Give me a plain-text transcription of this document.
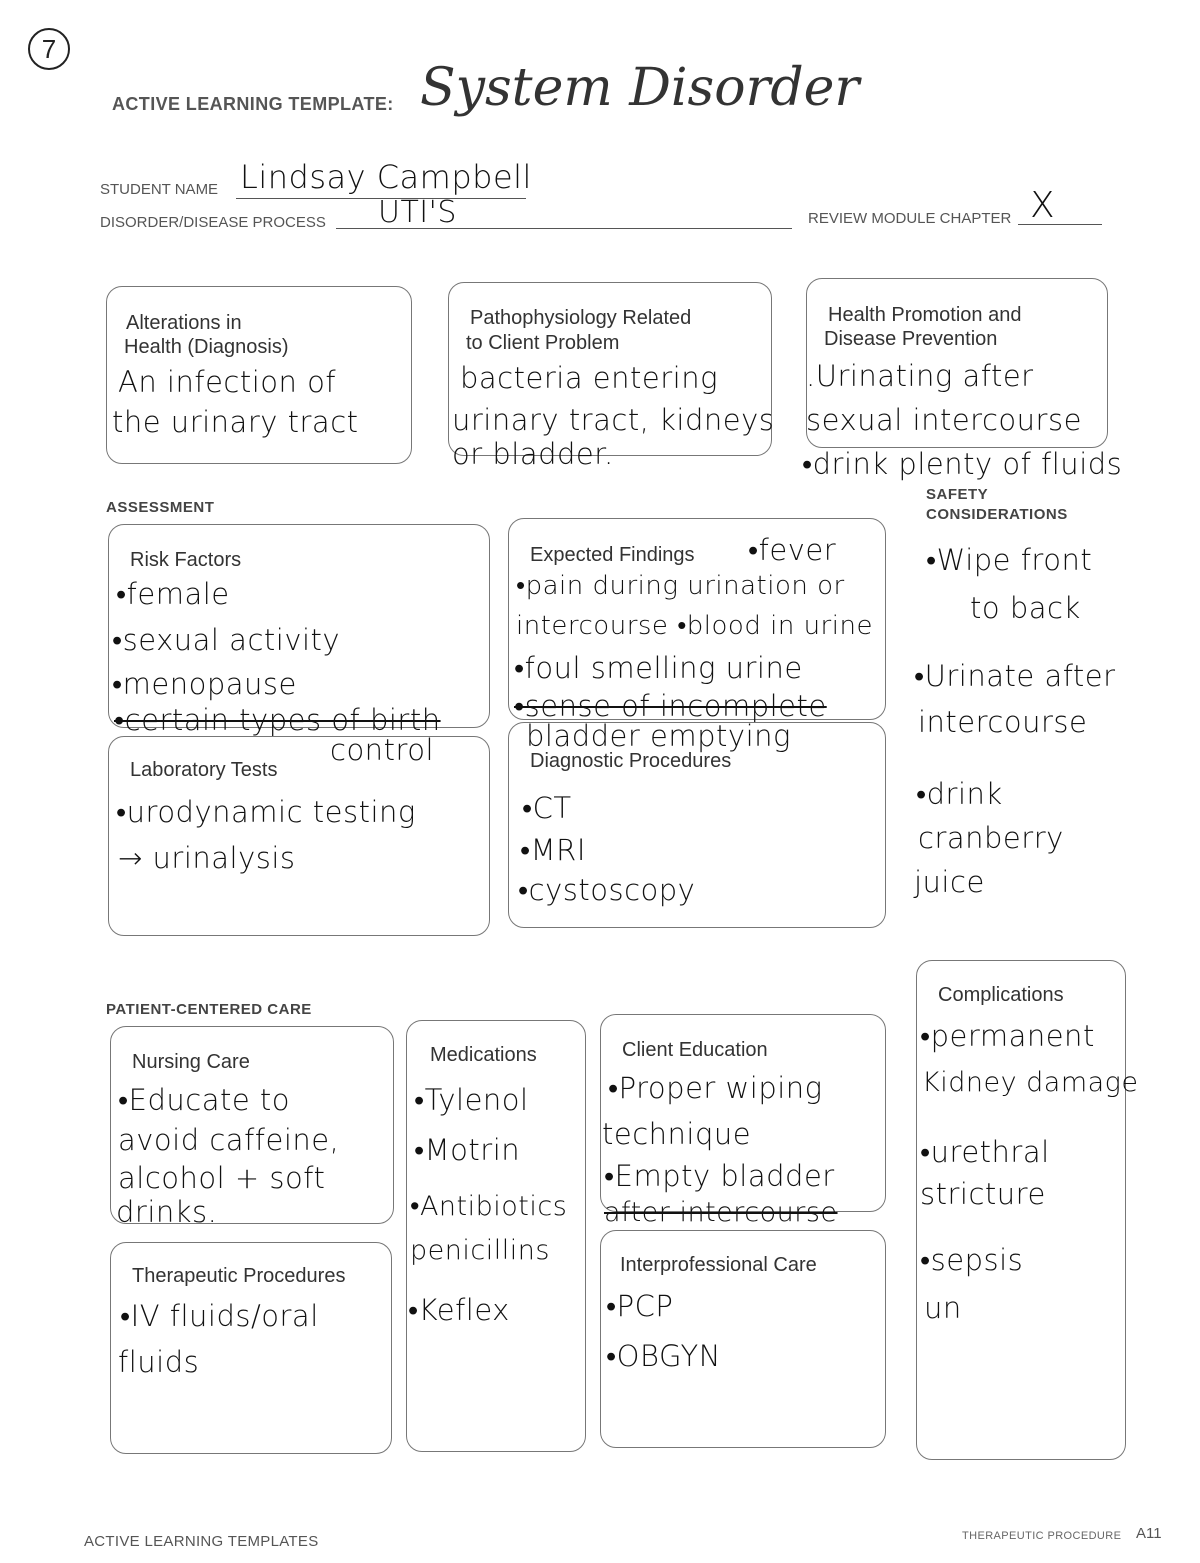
7
ACTIVE LEARNING TEMPLATE: System Disorder
STUDENT NAME Lindsay Campbell
DISORDER/DISEASE PROCESS UTI'S	REVIEW MODULE CHAPTER X
Alterations in
Health (Diagnosis)
An infection of
the urinary tract
Pathophysiology Related
to Client Problem
bacteria entering
urinary tract, kidneys
or bladder.
Health Promotion and
Disease Prevention
.Urinating after
sexual intercourse
•drink plenty of fluids
ASSESSMENT
SAFETY
CONSIDERATIONS
•Wipe front
to back
•Urinate after
intercourse
•drink
cranberry
juice
Risk Factors
•female
•sexual activity
•menopause
•certain types of birth
control
Expected Findings •fever
•pain during urination or
intercourse •blood in urine
•foul smelling urine
•sense of incomplete
bladder emptying
Laboratory Tests
•urodynamic testing
→ urinalysis
Diagnostic Procedures
•CT
•MRI
•cystoscopy
PATIENT-CENTERED CARE
Complications
•permanent
Kidney damage
•urethral
stricture
•sepsis
un
Nursing Care
•Educate to
avoid caffeine,
alcohol + soft
drinks.
Medications
•Tylenol
•Motrin
•Antibiotics
penicillins
•Keflex
Client Education
•Proper wiping
technique
•Empty bladder
after intercourse
Therapeutic Procedures
•IV fluids/oral
fluids
Interprofessional Care
•PCP
•OBGYN
ACTIVE LEARNING TEMPLATES	THERAPEUTIC PROCEDURE A11
